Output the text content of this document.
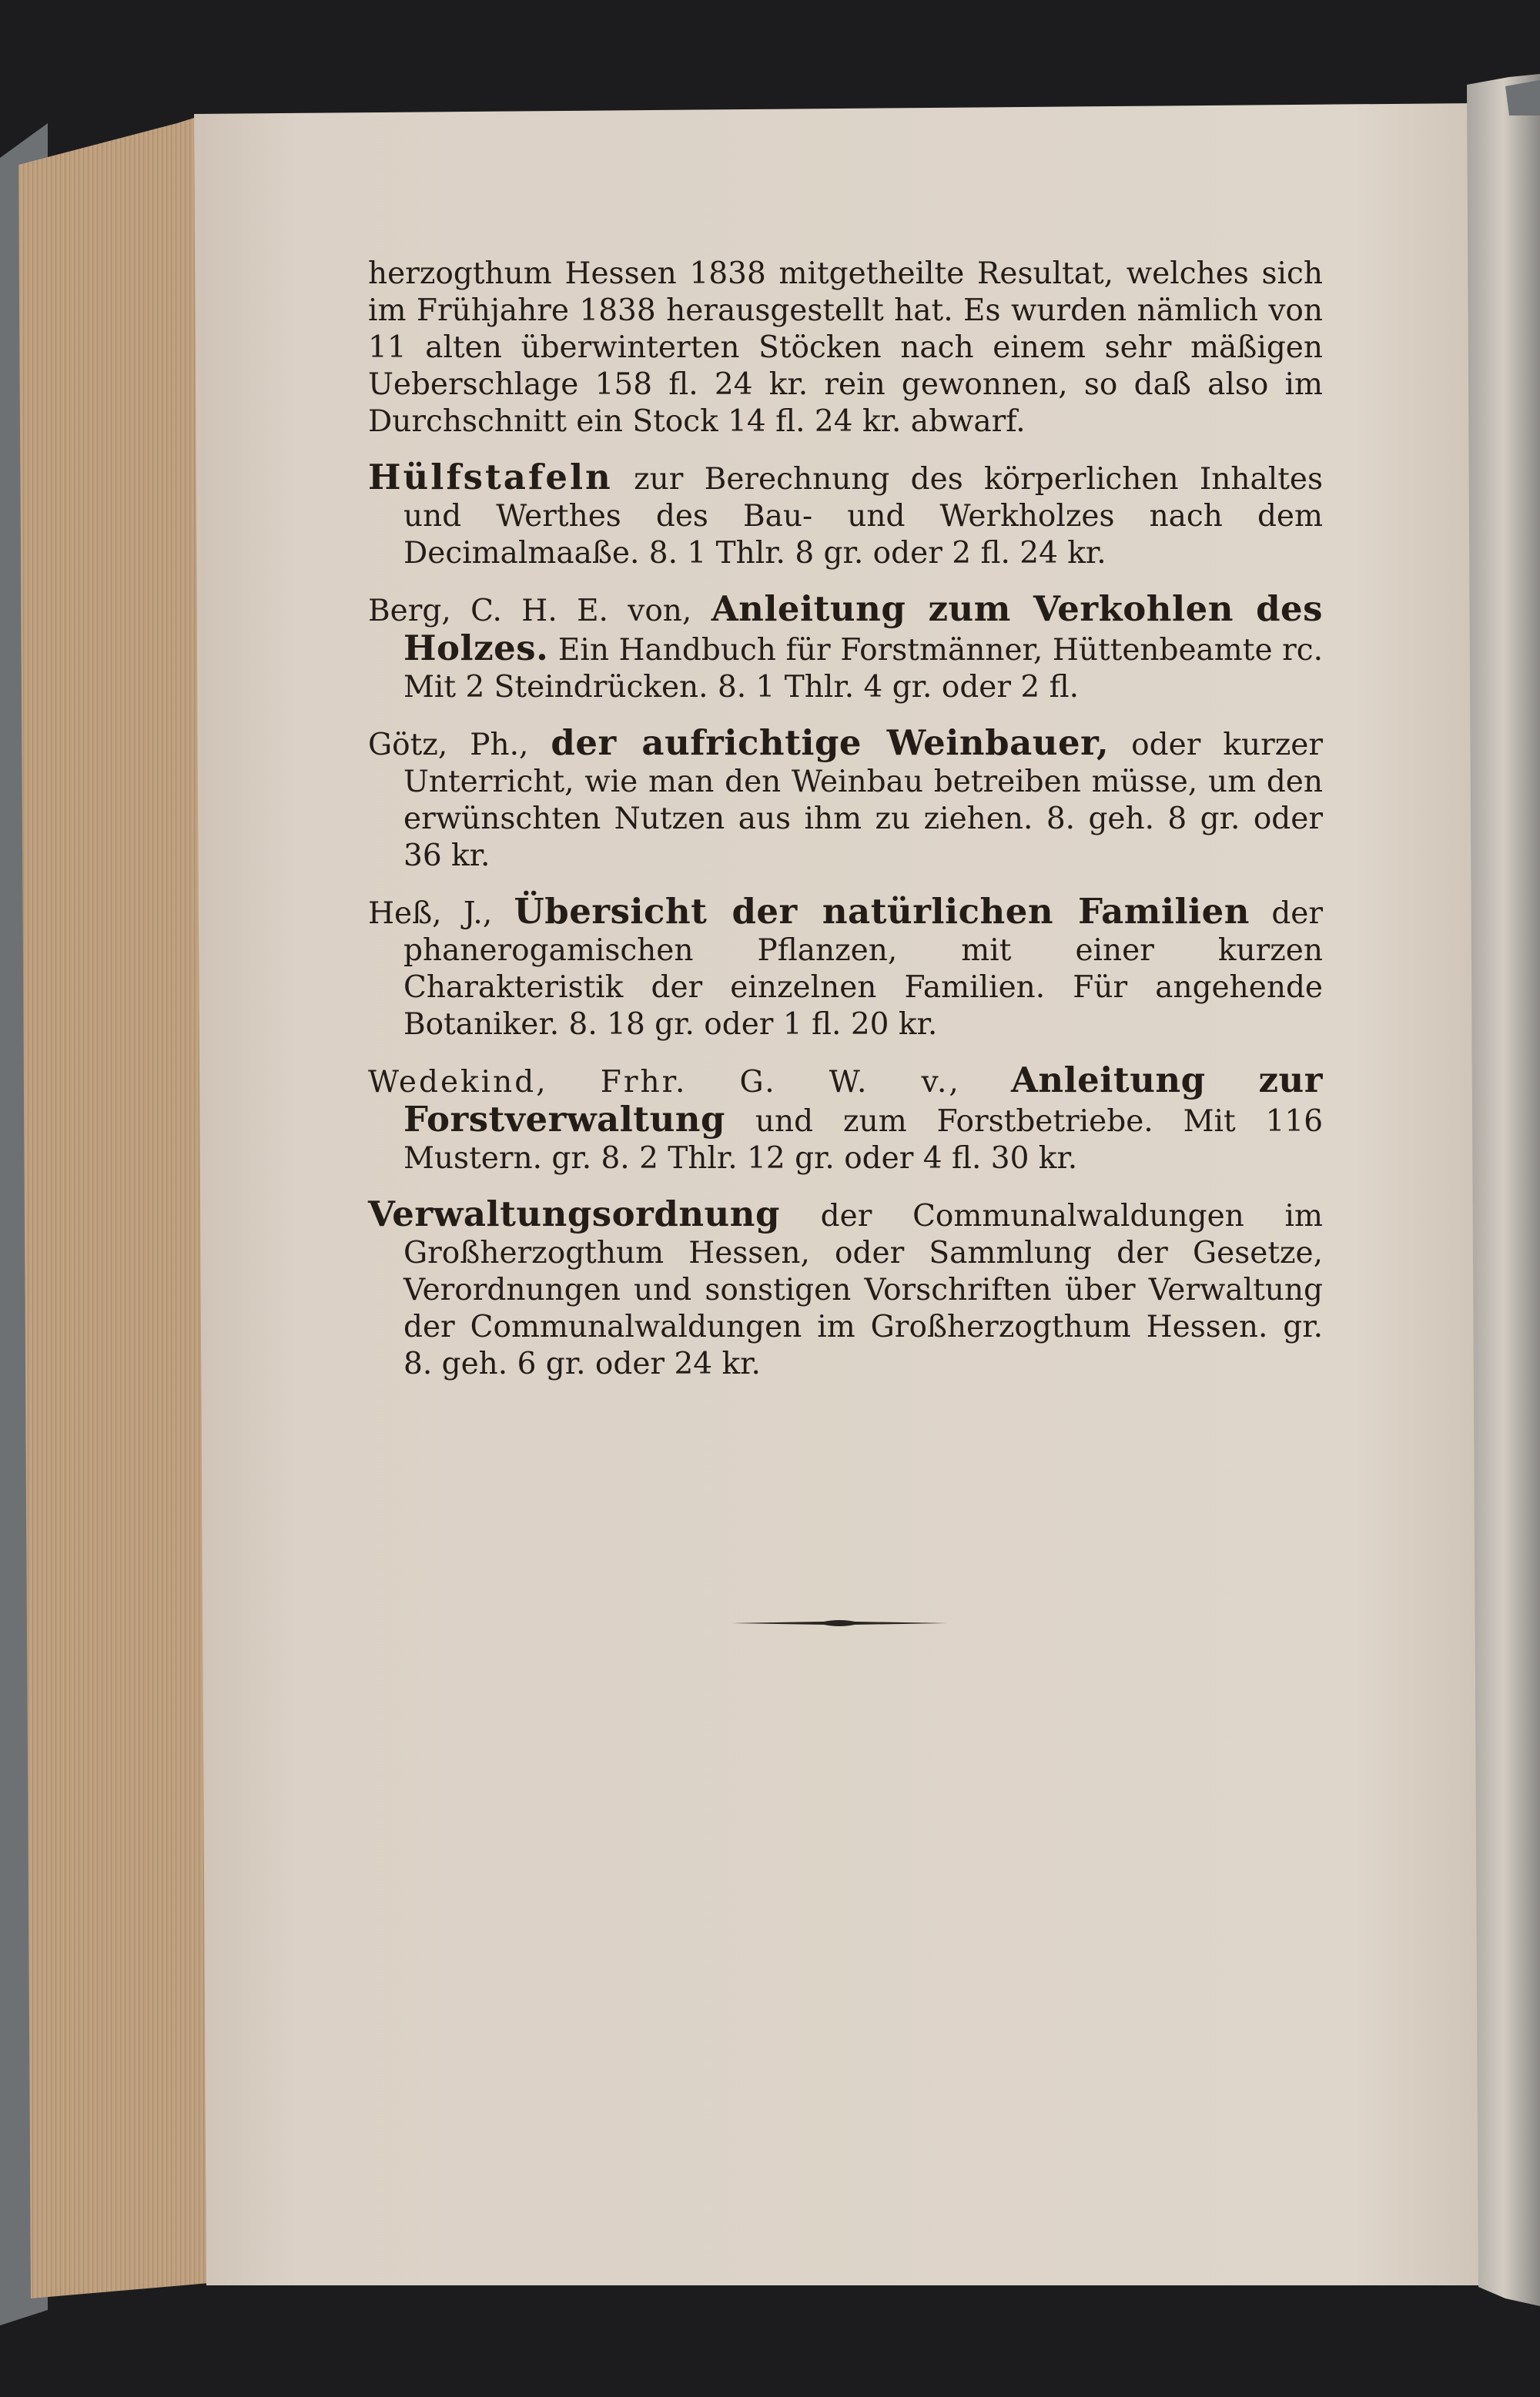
herzogthum Hessen 1838 mitgetheilte Resultat, welches sich im Frühjahre 1838 herausgestellt hat. Es wurden nämlich von 11 alten überwinterten Stöcken nach einem sehr mäßigen Ueberschlage 158 fl. 24 kr. rein gewonnen, so daß also im Durchschnitt ein Stock 14 fl. 24 kr. abwarf.

Hülfstafeln zur Berechnung des körperlichen Inhaltes und Werthes des Bau- und Werkholzes nach dem Decimalmaaße. 8. 1 Thlr. 8 gr. oder 2 fl. 24 kr.

Berg, C. H. E. von, Anleitung zum Verkohlen des Holzes. Ein Handbuch für Forstmänner, Hüttenbeamte rc. Mit 2 Steindrücken. 8. 1 Thlr. 4 gr. oder 2 fl.

Götz, Ph., der aufrichtige Weinbauer, oder kurzer Unterricht, wie man den Weinbau betreiben müsse, um den erwünschten Nutzen aus ihm zu ziehen. 8. geh. 8 gr. oder 36 kr.

Heß, J., Übersicht der natürlichen Familien der phanerogamischen Pflanzen, mit einer kurzen Charakteristik der einzelnen Familien. Für angehende Botaniker. 8. 18 gr. oder 1 fl. 20 kr.

Wedekind, Frhr. G. W. v., Anleitung zur Forstverwaltung und zum Forstbetriebe. Mit 116 Mustern. gr. 8. 2 Thlr. 12 gr. oder 4 fl. 30 kr.

Verwaltungsordnung der Communalwaldungen im Großherzogthum Hessen, oder Sammlung der Gesetze, Verordnungen und sonstigen Vorschriften über Verwaltung der Communalwaldungen im Großherzogthum Hessen. gr. 8. geh. 6 gr. oder 24 kr.
